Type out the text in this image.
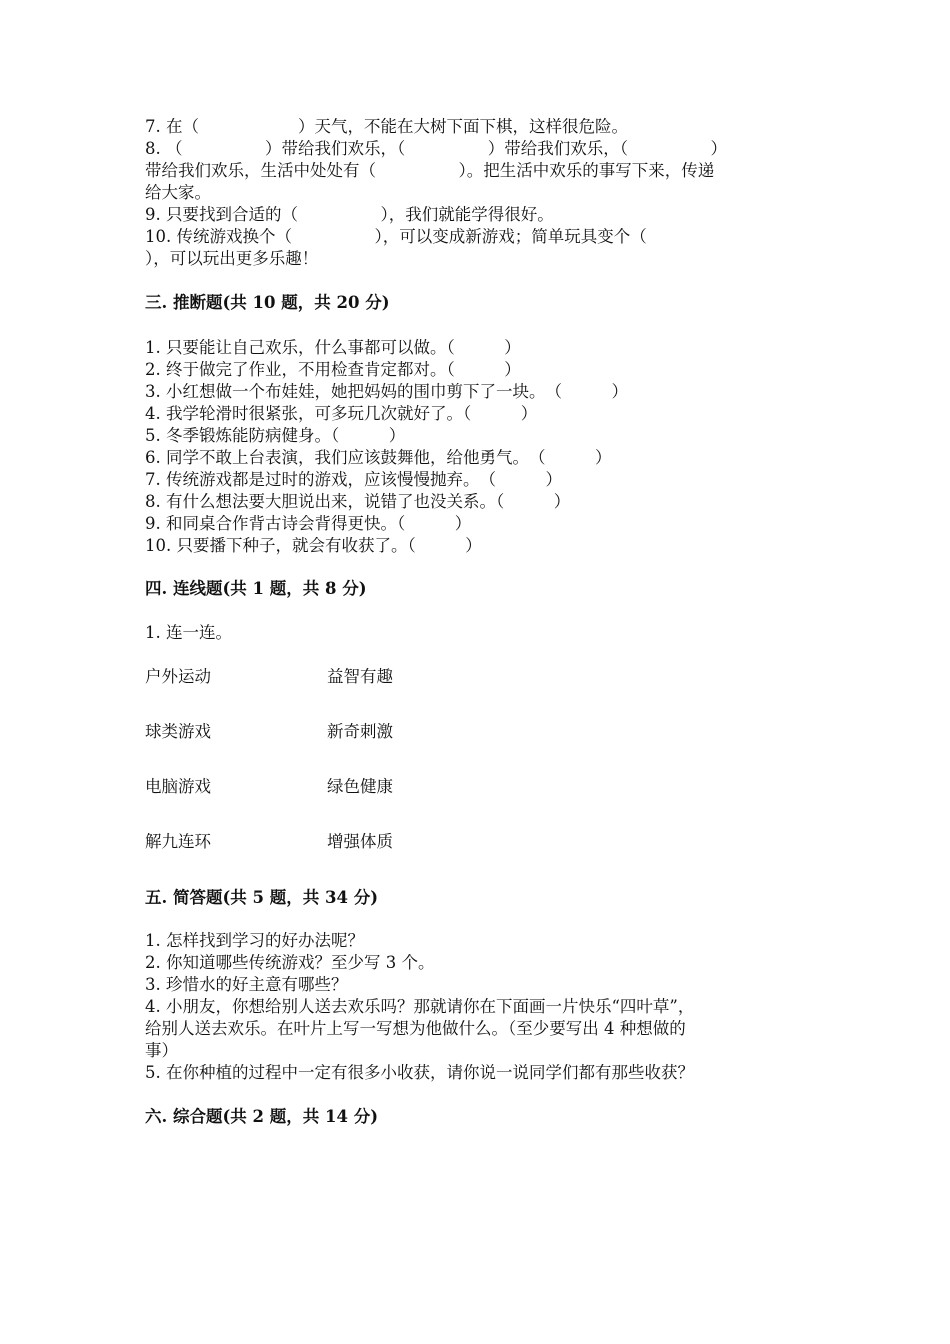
7. 在（　　　　　　）天气，不能在大树下面下棋，这样很危险。

8. （　　　　　）带给我们欢乐，（　　　　　）带给我们欢乐，（　　　　　）

带给我们欢乐，生活中处处有（　　　　　）。把生活中欢乐的事写下来，传递

给大家。

9. 只要找到合适的（　　　　　），我们就能学得很好。

10. 传统游戏换个（　　　　　），可以变成新游戏；简单玩具变个（

），可以玩出更多乐趣！

三. 推断题(共 10 题，共 20 分)

1. 只要能让自己欢乐，什么事都可以做。（　　　）

2. 终于做完了作业，不用检查肯定都对。（　　　）

3. 小红想做一个布娃娃，她把妈妈的围巾剪下了一块。　（　　　）

4. 我学轮滑时很紧张，可多玩几次就好了。（　　　）

5. 冬季锻炼能防病健身。（　　　）

6. 同学不敢上台表演，我们应该鼓舞他，给他勇气。　（　　　）

7. 传统游戏都是过时的游戏，应该慢慢抛弃。　（　　　）

8. 有什么想法要大胆说出来，说错了也没关系。（　　　）

9. 和同桌合作背古诗会背得更快。（　　　）

10. 只要播下种子，就会有收获了。（　　　）

四. 连线题(共 1 题，共 8 分)

1. 连一连。

户外运动	益智有趣

球类游戏	新奇刺激

电脑游戏	绿色健康

解九连环	增强体质

五. 简答题(共 5 题，共 34 分)

1. 怎样找到学习的好办法呢？

2. 你知道哪些传统游戏？至少写 3 个。

3. 珍惜水的好主意有哪些？

4. 小朋友，你想给别人送去欢乐吗？那就请你在下面画一片快乐“四叶草”，

给别人送去欢乐。在叶片上写一写想为他做什么。（至少要写出 4 种想做的

事）

5. 在你种植的过程中一定有很多小收获，请你说一说同学们都有那些收获？

六. 综合题(共 2 题，共 14 分)
